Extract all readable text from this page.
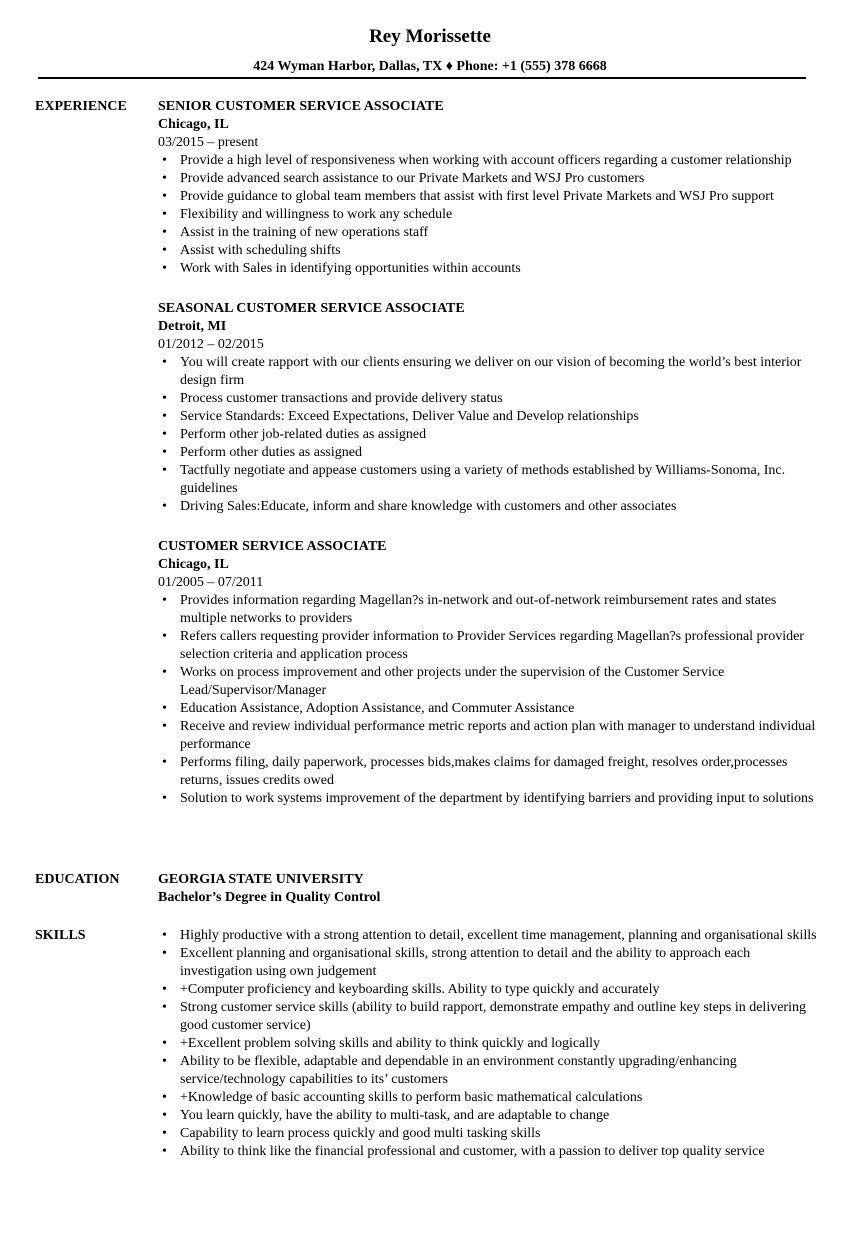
Rey Morissette
424 Wyman Harbor, Dallas, TX ♦ Phone: +1 (555) 378 6668
EXPERIENCE SENIOR CUSTOMER SERVICE ASSOCIATE
Chicago, IL
03/2015 – present
• Provide a high level of responsiveness when working with account officers regarding a customer relationship
• Provide advanced search assistance to our Private Markets and WSJ Pro customers
• Provide guidance to global team members that assist with first level Private Markets and WSJ Pro support
• Flexibility and willingness to work any schedule
• Assist in the training of new operations staff
• Assist with scheduling shifts
• Work with Sales in identifying opportunities within accounts
SEASONAL CUSTOMER SERVICE ASSOCIATE
Detroit, MI
01/2012 – 02/2015
• You will create rapport with our clients ensuring we deliver on our vision of becoming the world’s best interior design firm
• Process customer transactions and provide delivery status
• Service Standards: Exceed Expectations, Deliver Value and Develop relationships
• Perform other job-related duties as assigned
• Perform other duties as assigned
• Tactfully negotiate and appease customers using a variety of methods established by Williams-Sonoma, Inc. guidelines
• Driving Sales:Educate, inform and share knowledge with customers and other associates
CUSTOMER SERVICE ASSOCIATE
Chicago, IL
01/2005 – 07/2011
• Provides information regarding Magellan?s in-network and out-of-network reimbursement rates and states multiple networks to providers
• Refers callers requesting provider information to Provider Services regarding Magellan?s professional provider selection criteria and application process
• Works on process improvement and other projects under the supervision of the Customer Service Lead/Supervisor/Manager
• Education Assistance, Adoption Assistance, and Commuter Assistance
• Receive and review individual performance metric reports and action plan with manager to understand individual performance
• Performs filing, daily paperwork, processes bids,makes claims for damaged freight, resolves order,processes returns, issues credits owed
• Solution to work systems improvement of the department by identifying barriers and providing input to solutions
EDUCATION	GEORGIA STATE UNIVERSITY
Bachelor’s Degree in Quality Control
SKILLS
•	Highly productive with a strong attention to detail, excellent time management, planning and organisational skills
• Excellent planning and organisational skills, strong attention to detail and the ability to approach each investigation using own judgement
• +Computer proficiency and keyboarding skills. Ability to type quickly and accurately
• Strong customer service skills (ability to build rapport, demonstrate empathy and outline key steps in delivering good customer service)
• +Excellent problem solving skills and ability to think quickly and logically
• Ability to be flexible, adaptable and dependable in an environment constantly upgrading/enhancing service/technology capabilities to its’ customers
• +Knowledge of basic accounting skills to perform basic mathematical calculations
• You learn quickly, have the ability to multi-task, and are adaptable to change
• Capability to learn process quickly and good multi tasking skills
• Ability to think like the financial professional and customer, with a passion to deliver top quality service
